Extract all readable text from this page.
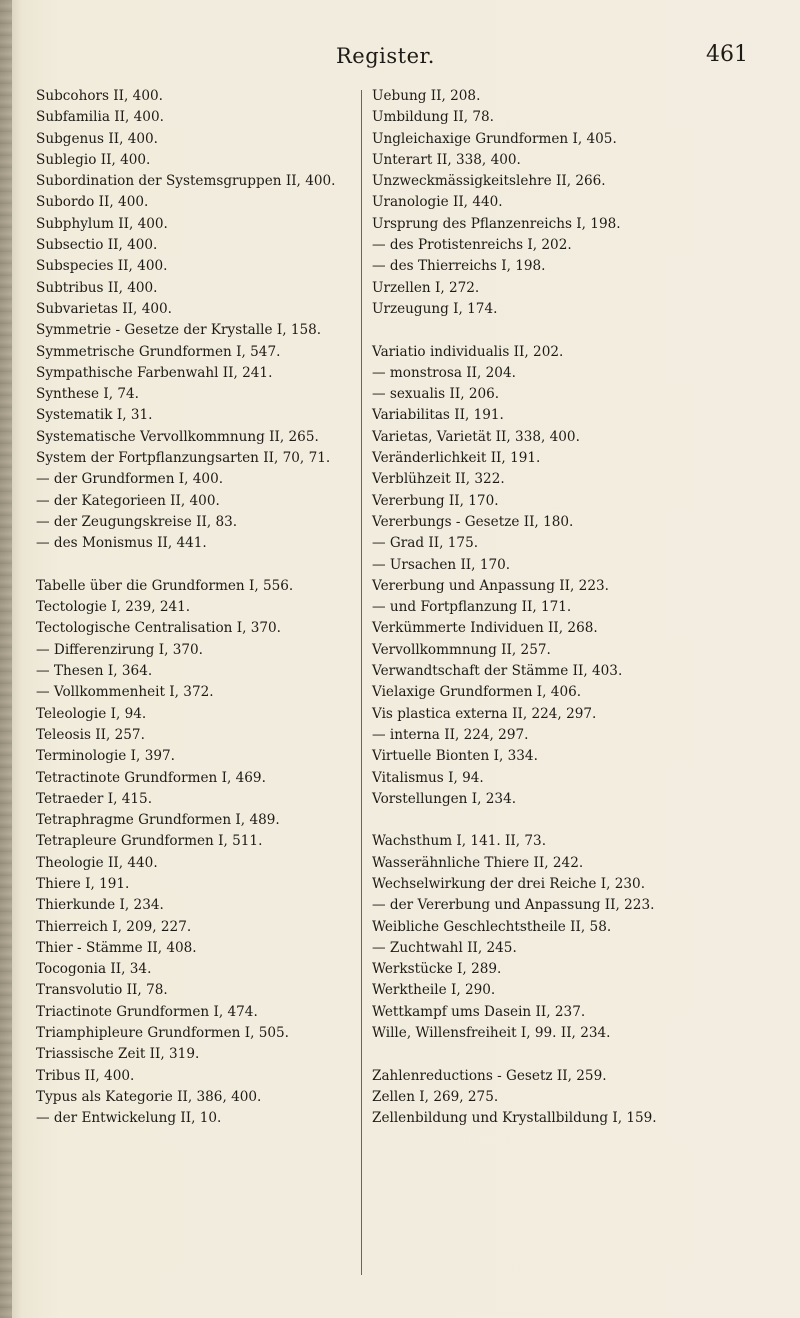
Register.	461
Subcohors II, 400.
Subfamilia II, 400.
Subgenus II, 400.
Sublegio II, 400.
Subordination der Systemsgruppen II, 400.
Subordo II, 400.
Subphylum II, 400.
Subsectio II, 400.
Subspecies II, 400.
Subtribus II, 400.
Subvarietas II, 400.
Symmetrie - Gesetze der Krystalle I, 158.
Symmetrische Grundformen I, 547.
Sympathische Farbenwahl II, 241.
Synthese I, 74.
Systematik I, 31.
Systematische Vervollkommnung II, 265.
System der Fortpflanzungsarten II, 70, 71.
— der Grundformen I, 400.
— der Kategorieen II, 400.
— der Zeugungskreise II, 83.
— des Monismus II, 441.
Tabelle über die Grundformen I, 556.
Tectologie I, 239, 241.
Tectologische Centralisation I, 370.
— Differenzirung I, 370.
— Thesen I, 364.
— Vollkommenheit I, 372.
Teleologie I, 94.
Teleosis II, 257.
Terminologie I, 397.
Tetractinote Grundformen I, 469.
Tetraeder I, 415.
Tetraphragme Grundformen I, 489.
Tetrapleure Grundformen I, 511.
Theologie II, 440.
Thiere I, 191.
Thierkunde I, 234.
Thierreich I, 209, 227.
Thier - Stämme II, 408.
Tocogonia II, 34.
Transvolutio II, 78.
Triactinote Grundformen I, 474.
Triamphipleure Grundformen I, 505.
Triassische Zeit II, 319.
Tribus II, 400.
Typus als Kategorie II, 386, 400.
— der Entwickelung II, 10.
Uebung II, 208.
Umbildung II, 78.
Ungleichaxige Grundformen I, 405.
Unterart II, 338, 400.
Unzweckmässigkeitslehre II, 266.
Uranologie II, 440.
Ursprung des Pflanzenreichs I, 198.
— des Protistenreichs I, 202.
— des Thierreichs I, 198.
Urzellen I, 272.
Urzeugung I, 174.
Variatio individualis II, 202.
— monstrosa II, 204.
— sexualis II, 206.
Variabilitas II, 191.
Varietas, Varietät II, 338, 400.
Veränderlichkeit II, 191.
Verblühzeit II, 322.
Vererbung II, 170.
Vererbungs - Gesetze II, 180.
— Grad II, 175.
— Ursachen II, 170.
Vererbung und Anpassung II, 223.
— und Fortpflanzung II, 171.
Verkümmerte Individuen II, 268.
Vervollkommnung II, 257.
Verwandtschaft der Stämme II, 403.
Vielaxige Grundformen I, 406.
Vis plastica externa II, 224, 297.
— interna II, 224, 297.
Virtuelle Bionten I, 334.
Vitalismus I, 94.
Vorstellungen I, 234.
Wachsthum I, 141. II, 73.
Wasserähnliche Thiere II, 242.
Wechselwirkung der drei Reiche I, 230.
— der Vererbung und Anpassung II, 223.
Weibliche Geschlechtstheile II, 58.
— Zuchtwahl II, 245.
Werkstücke I, 289.
Werktheile I, 290.
Wettkampf ums Dasein II, 237.
Wille, Willensfreiheit I, 99. II, 234.
Zahlenreductions - Gesetz II, 259.
Zellen I, 269, 275.
Zellenbildung und Krystallbildung I, 159.
